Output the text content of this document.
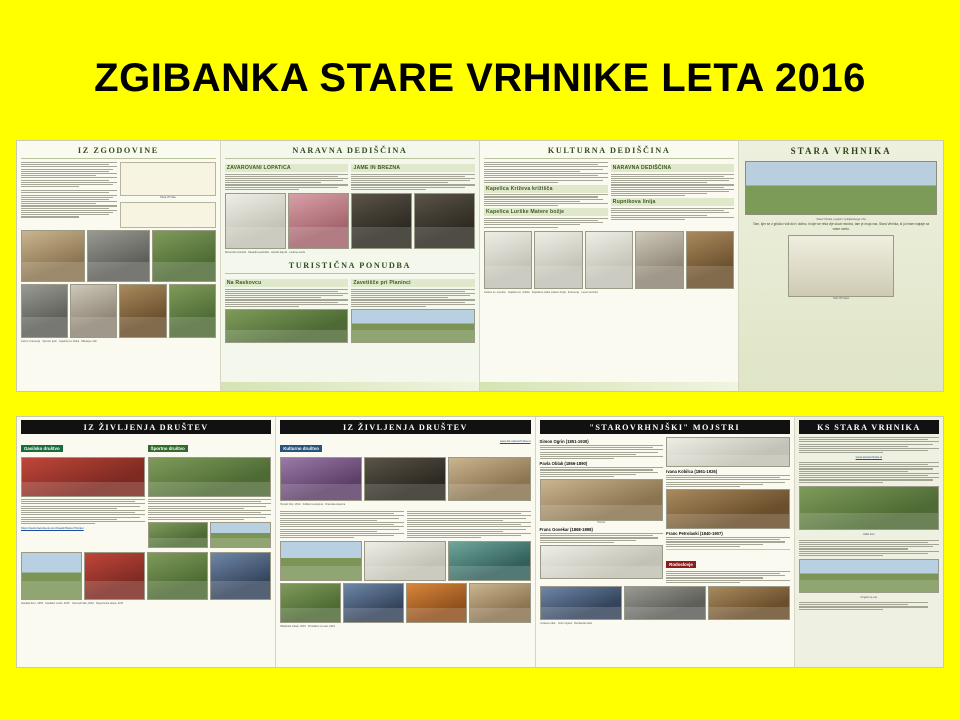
ZGIBANKA STARE VRHNIKE LETA 2016
IZ ZGODOVINE
Stara Vrhnika
Kužno znamenje Spomin Ijudi Kapelica sv. Roka Mlinarjev mlin
NARAVNA DEDIŠČINA
ZAVAROVANI LOPATICA	JAME IN BREZNA
Slovenski zvonček Navadna potonika Jamski kapnik Ledene sveče
TURISTIČNA PONUDBA
Na Raskovcu	Zavetišče pri Planinci
KULTURNA DEDIŠČINA
Kapelica Križeva križišča
Kapelica Lurške Matere božje
NARAVNA DEDIŠČINA
Rupnikova linija
Cerkev sv. Lenarta Kapelica sv. Jožefa Kapelica Lurške matere božje Znamenje Lesen kozolec
STARA VRHNIKA
Stara Vrhnika, pogled z Ljubljanskega vrha
Tam, kjer se z gričkov vidi dol v dolino, in kjer se reka vije skozi ravnino, tam je moja vas, Stara Vrhnika, ki jo imam najraje na vsem svetu.
Stari Vrhničan
IZ ŽIVLJENJA DRUŠTEV
Gasilsko društvo
https://www.facebook.com/GasilciStareVrhnike/
Športno društvo
Gasilski dom, 1953 Gasilsko vozilo, 2015 Nova tehnika, 2016 Nogometna ekipa, 2015
IZ ŽIVLJENJA DRUŠTEV
Kulturno društvo
www.kd-staravrhnika.si
Pevski zbor, 2014 Folklorna skupina Dramska skupina
Mladinski odsek, 2015 Prireditev na vasi, 2016
"STAROVRHNJŠKI" MOJSTRI
Simon Ogrin (1851-1930)
Pavla Oblak (1866-1890)
Portret
Franc Govekar (1868-1898)
Ivana Kobilca (1861-1926)
Franc Petrolaski (1840-1907)
Rodoslovje
Cerkveni oltar Delo mojstra Rezbarsko delo
KS STARA VRHNIKA
www.staravrhnika.si
Vaški dom
Pogled na vas
